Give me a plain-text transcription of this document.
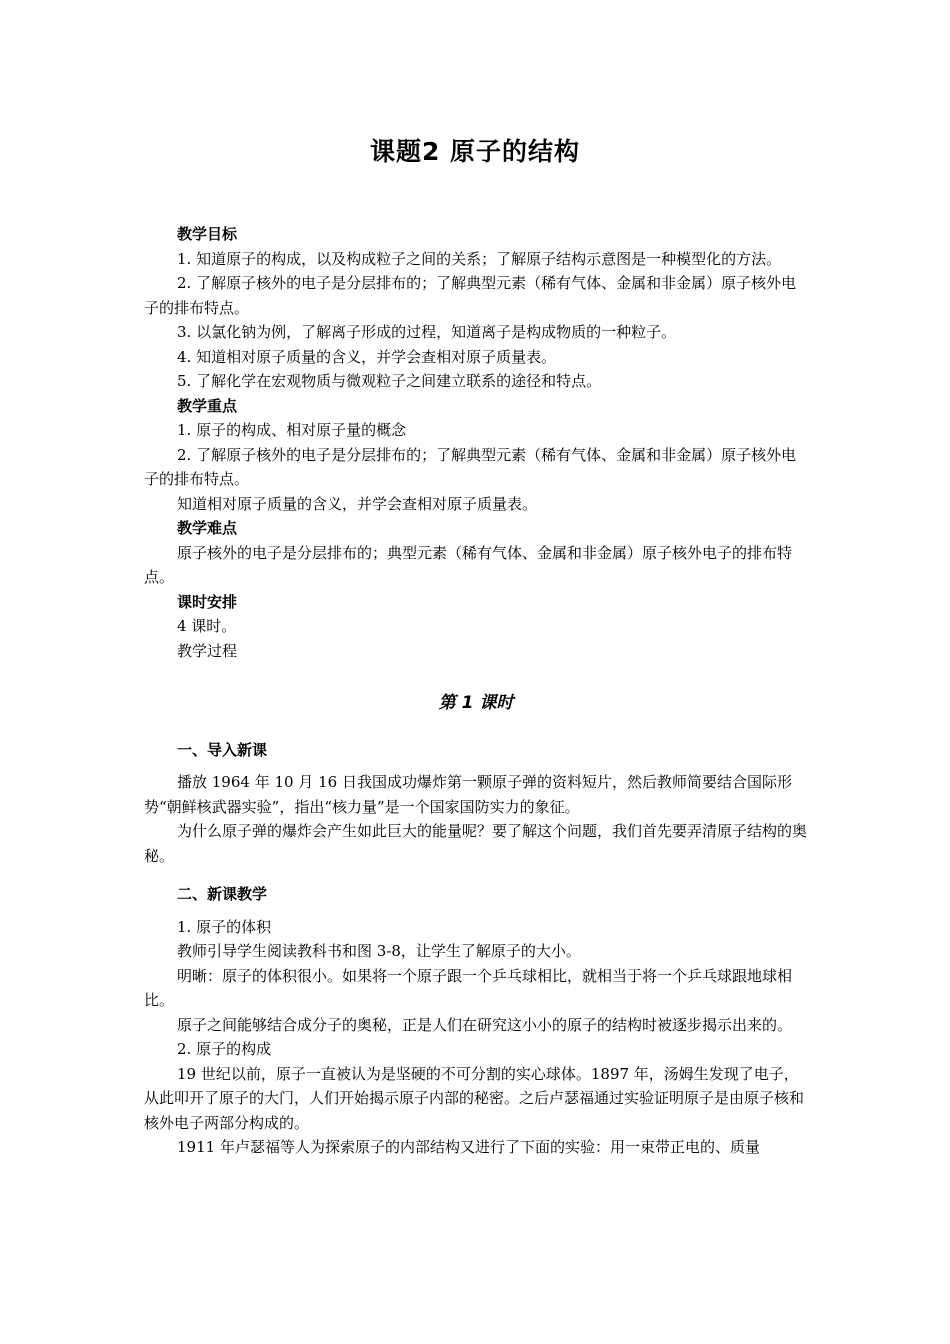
课题2 原子的结构

教学目标

1. 知道原子的构成，以及构成粒子之间的关系；了解原子结构示意图是一种模型化的方法。

2. 了解原子核外的电子是分层排布的；了解典型元素（稀有气体、金属和非金属）原子核外电子的排布特点。

3. 以氯化钠为例，了解离子形成的过程，知道离子是构成物质的一种粒子。

4. 知道相对原子质量的含义，并学会查相对原子质量表。

5. 了解化学在宏观物质与微观粒子之间建立联系的途径和特点。

教学重点

1. 原子的构成、相对原子量的概念

2. 了解原子核外的电子是分层排布的；了解典型元素（稀有气体、金属和非金属）原子核外电子的排布特点。

知道相对原子质量的含义，并学会查相对原子质量表。

教学难点

原子核外的电子是分层排布的；典型元素（稀有气体、金属和非金属）原子核外电子的排布特点。

课时安排

4 课时。

教学过程

第 1 课时

一、导入新课

播放 1964 年 10 月 16 日我国成功爆炸第一颗原子弹的资料短片，然后教师简要结合国际形势“朝鲜核武器实验”，指出“核力量”是一个国家国防实力的象征。

为什么原子弹的爆炸会产生如此巨大的能量呢？要了解这个问题，我们首先要弄清原子结构的奥秘。

二、新课教学

1. 原子的体积

教师引导学生阅读教科书和图 3-8，让学生了解原子的大小。

明晰：原子的体积很小。如果将一个原子跟一个乒乓球相比，就相当于将一个乒乓球跟地球相比。

原子之间能够结合成分子的奥秘，正是人们在研究这小小的原子的结构时被逐步揭示出来的。

2. 原子的构成

19 世纪以前，原子一直被认为是坚硬的不可分割的实心球体。1897 年，汤姆生发现了电子，从此叩开了原子的大门，人们开始揭示原子内部的秘密。之后卢瑟福通过实验证明原子是由原子核和核外电子两部分构成的。

1911 年卢瑟福等人为探索原子的内部结构又进行了下面的实验：用一束带正电的、质量
